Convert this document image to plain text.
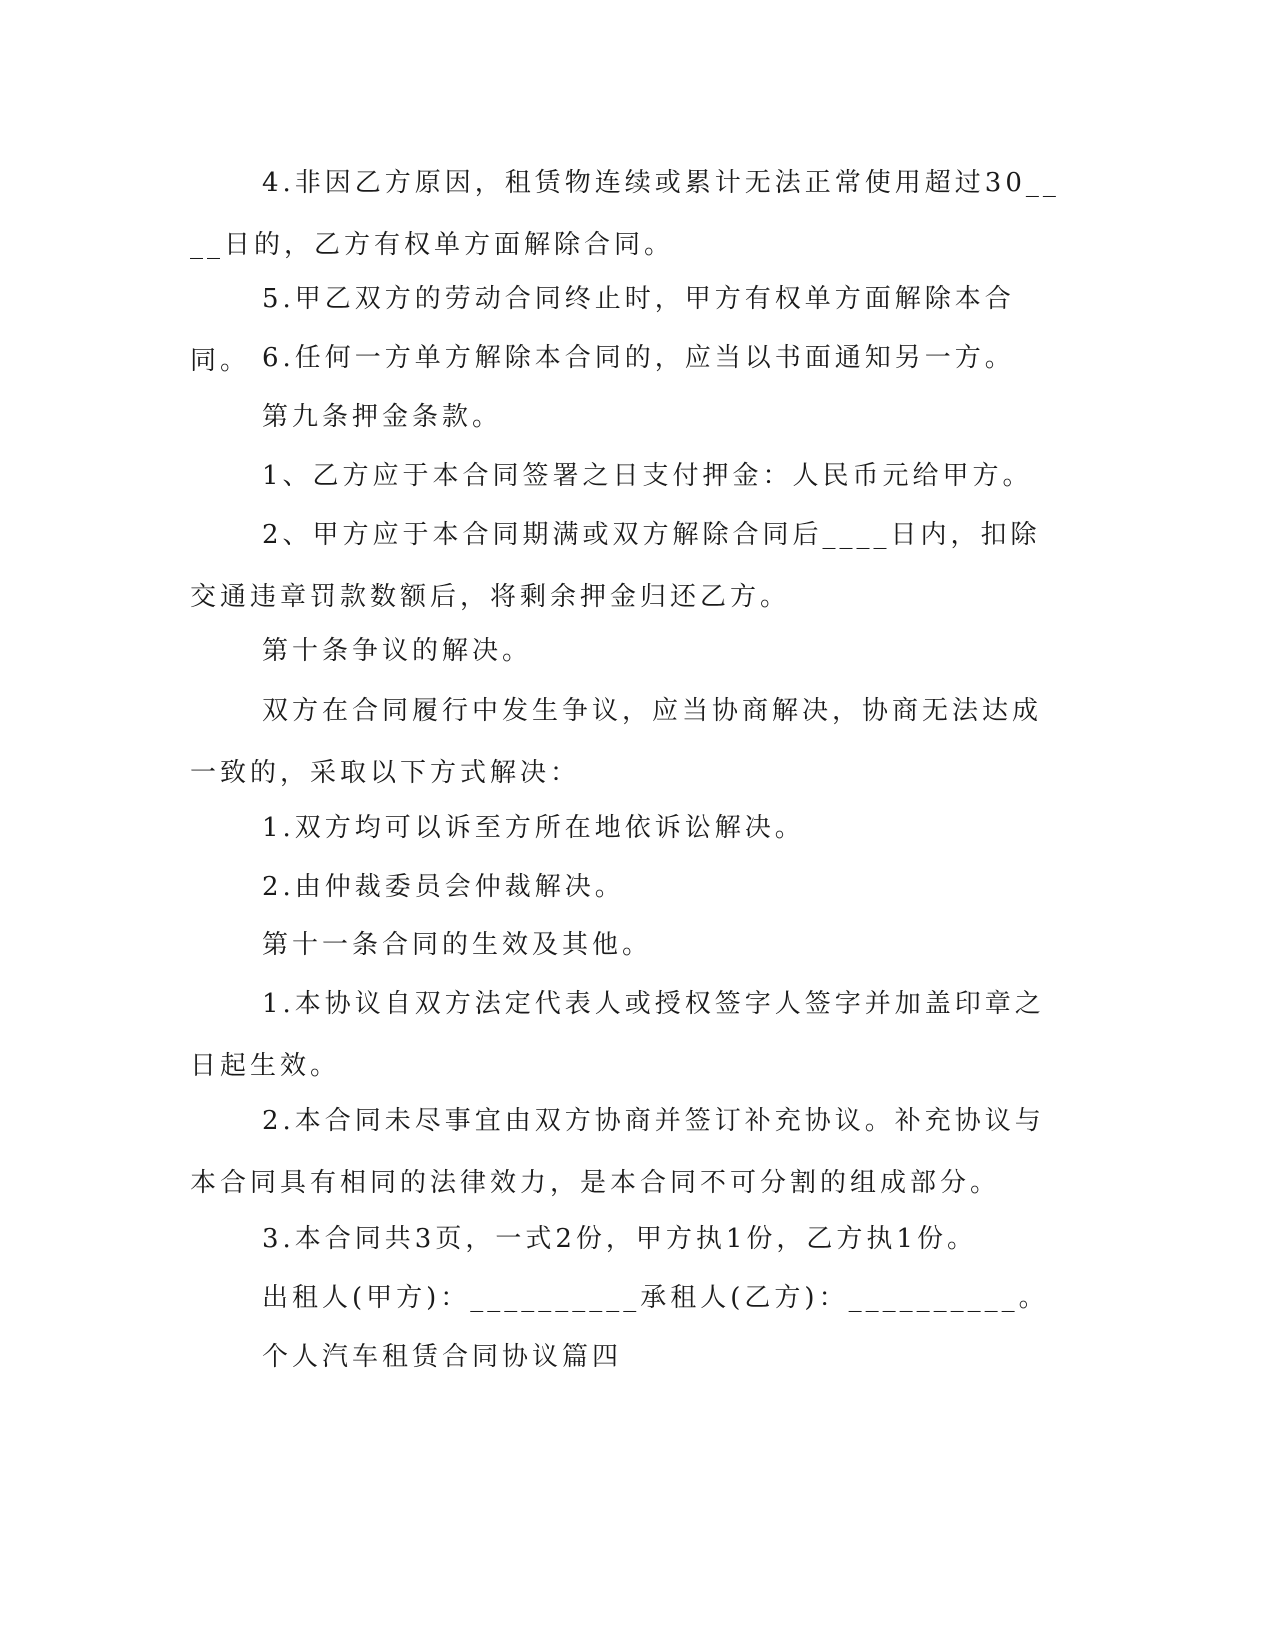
4.非因乙方原因，租赁物连续或累计无法正常使用超过30____日的，乙方有权单方面解除合同。

5.甲乙双方的劳动合同终止时，甲方有权单方面解除本合同。 6.任何一方单方解除本合同的，应当以书面通知另一方。

第九条押金条款。

1、乙方应于本合同签署之日支付押金：人民币元给甲方。

2、甲方应于本合同期满或双方解除合同后____日内，扣除交通违章罚款数额后，将剩余押金归还乙方。

第十条争议的解决。

双方在合同履行中发生争议，应当协商解决，协商无法达成一致的，采取以下方式解决：

1.双方均可以诉至方所在地依诉讼解决。

2.由仲裁委员会仲裁解决。

第十一条合同的生效及其他。

1.本协议自双方法定代表人或授权签字人签字并加盖印章之日起生效。

2.本合同未尽事宜由双方协商并签订补充协议。补充协议与本合同具有相同的法律效力，是本合同不可分割的组成部分。

3.本合同共3页，一式2份，甲方执1份，乙方执1份。

出租人(甲方)：__________承租人(乙方)：__________。

个人汽车租赁合同协议篇四
